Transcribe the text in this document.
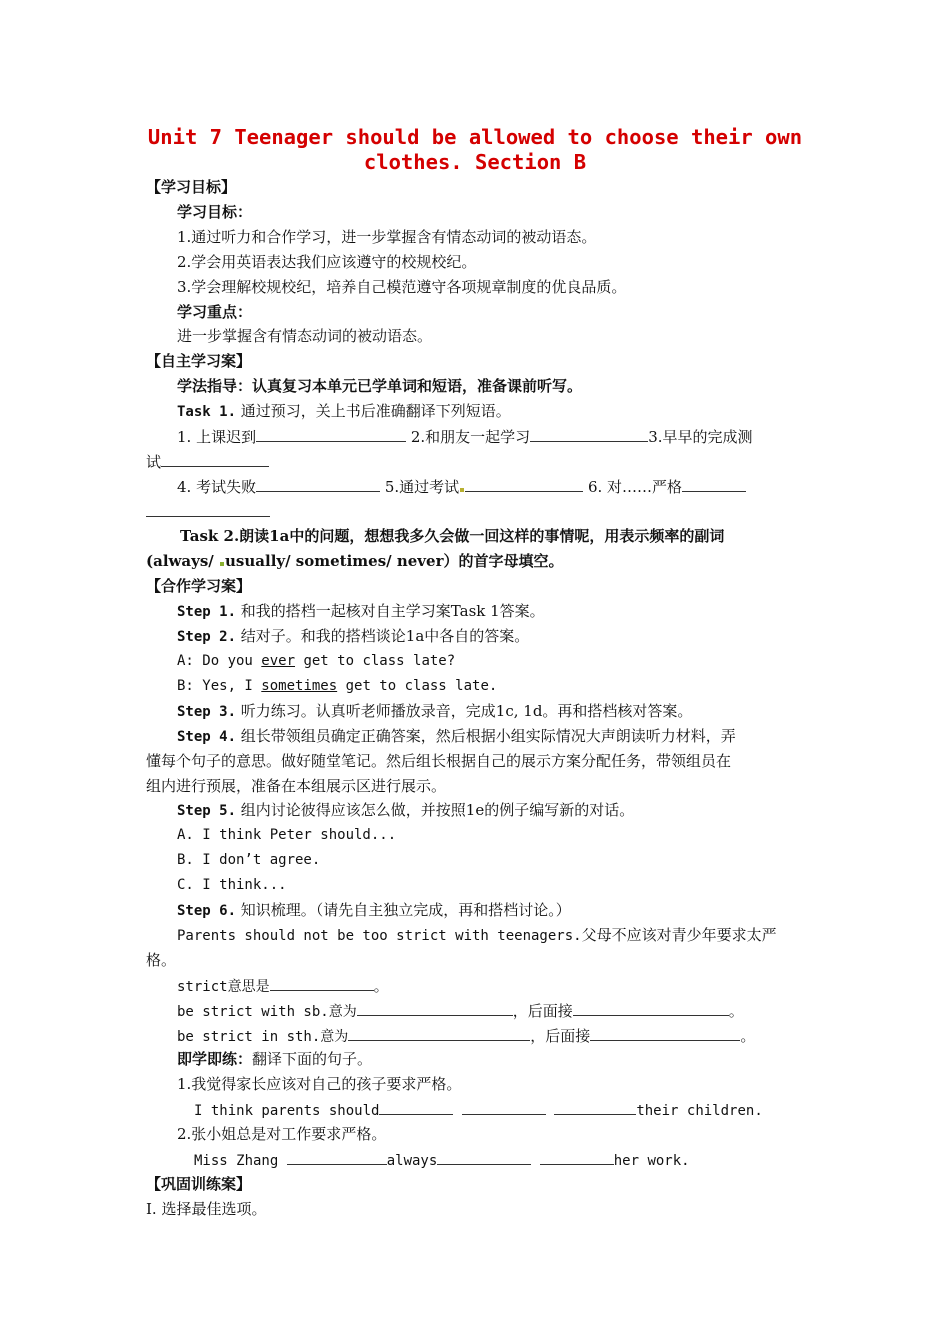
Unit 7 Teenager should be allowed to choose their own
clothes. Section B
【学习目标】
学习目标：
1.通过听力和合作学习，进一步掌握含有情态动词的被动语态。
2.学会用英语表达我们应该遵守的校规校纪。
3.学会理解校规校纪，培养自己模范遵守各项规章制度的优良品质。
学习重点：
进一步掌握含有情态动词的被动语态。
【自主学习案】
学法指导：认真复习本单元已学单词和短语，准备课前听写。
Task 1. 通过预习，关上书后准确翻译下列短语。
1. 上课迟到	2.和朋友一起学习	3.早早的完成测
试
4. 考试失败	5.通过考试	6. 对……严格
Task 2.朗读1a中的问题，想想我多久会做一回这样的事情呢，用表示频率的副词
(always/ usually/ sometimes/ never）的首字母填空。
【合作学习案】
Step 1. 和我的搭档一起核对自主学习案Task 1答案。
Step 2. 结对子。和我的搭档谈论1a中各自的答案。
A: Do you ever get to class late?
B: Yes, I sometimes get to class late.
Step 3. 听力练习。认真听老师播放录音，完成1c, 1d。再和搭档核对答案。
Step 4. 组长带领组员确定正确答案，然后根据小组实际情况大声朗读听力材料，弄
懂每个句子的意思。做好随堂笔记。然后组长根据自己的展示方案分配任务，带领组员在
组内进行预展，准备在本组展示区进行展示。
Step 5. 组内讨论彼得应该怎么做，并按照1e的例子编写新的对话。
A. I think Peter should...
B. I don’t agree.
C. I think...
Step 6. 知识梳理。（请先自主独立完成，再和搭档讨论。）
Parents should not be too strict with teenagers.父母不应该对青少年要求太严
格。
strict意思是	。
be strict with sb.意为	，后面接	。
be strict in sth.意为	，后面接	。
即学即练：翻译下面的句子。
1.我觉得家长应该对自己的孩子要求严格。
I think parents should	their children.
2.张小姐总是对工作要求严格。
Miss Zhang	always	her work.
【巩固训练案】
I. 选择最佳选项。
